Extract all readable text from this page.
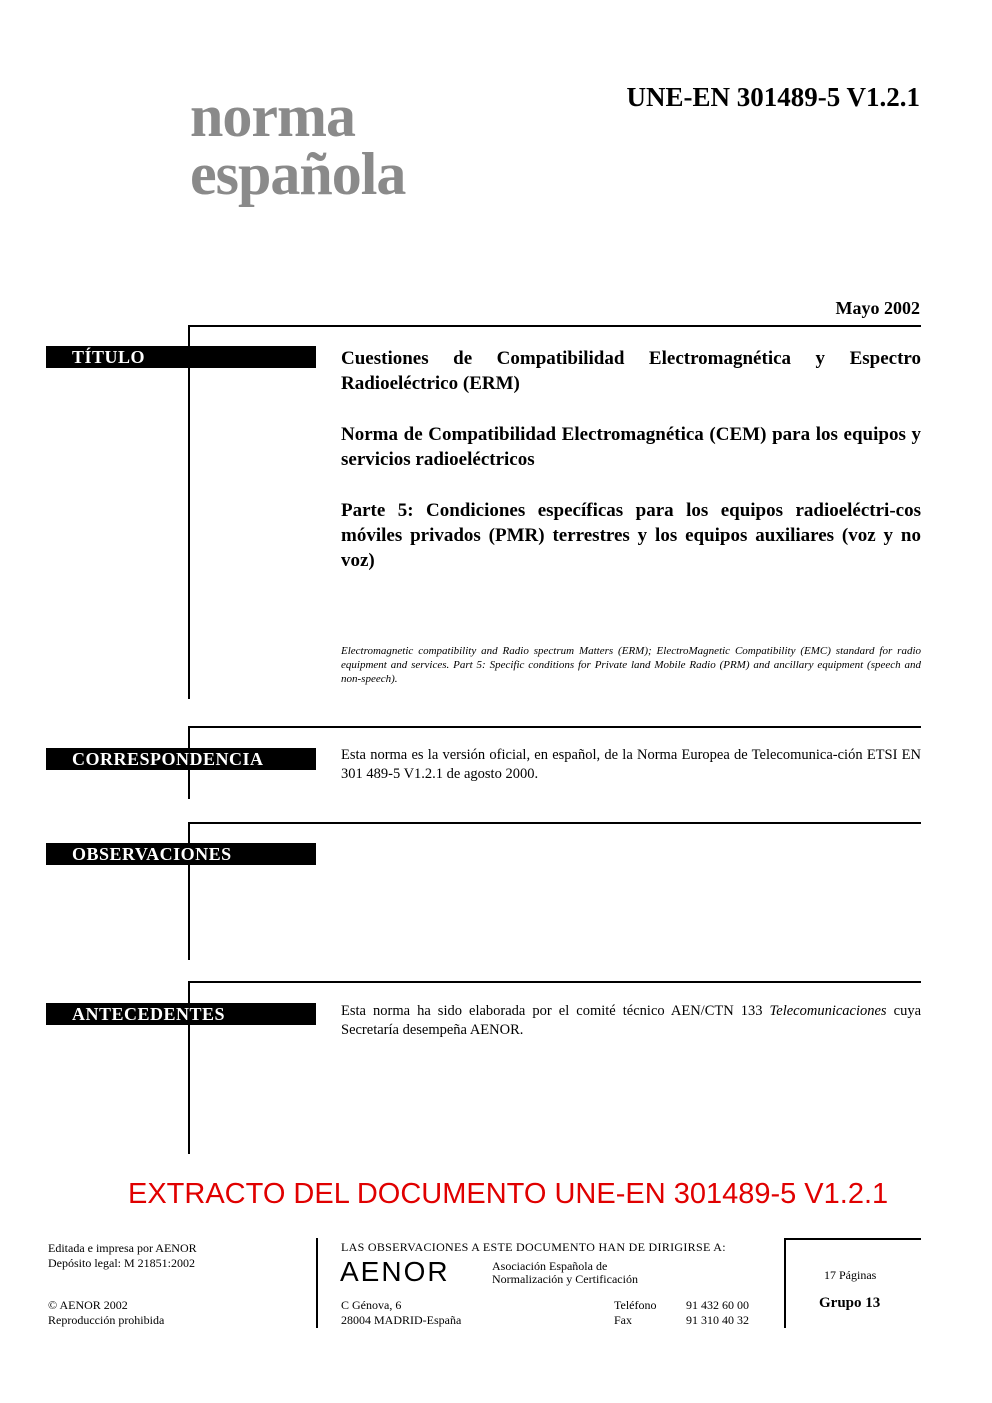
norma
española
UNE-EN 301489-5 V1.2.1
Mayo 2002
TÍTULO	Cuestiones de Compatibilidad Electromagnética y Espectro Radioeléctrico (ERM)

Norma de Compatibilidad Electromagnética (CEM) para los equipos y servicios radioeléctricos

Parte 5: Condiciones específicas para los equipos radioeléctri-cos móviles privados (PMR) terrestres y los equipos auxiliares (voz y no voz)

Electromagnetic compatibility and Radio spectrum Matters (ERM); ElectroMagnetic Compatibility (EMC) standard for radio equipment and services. Part 5: Specific conditions for Private land Mobile Radio (PRM) and ancillary equipment (speech and non-speech).
CORRESPONDENCIA	Esta norma es la versión oficial, en español, de la Norma Europea de Telecomunica-ción ETSI EN 301 489-5 V1.2.1 de agosto 2000.
OBSERVACIONES
ANTECEDENTES	Esta norma ha sido elaborada por el comité técnico AEN/CTN 133 Telecomunicaciones cuya Secretaría desempeña AENOR.
EXTRACTO DEL DOCUMENTO UNE-EN 301489-5 V1.2.1
Editada e impresa por AENOR
Depósito legal: M 21851:2002
© AENOR 2002
Reproducción prohibida
LAS OBSERVACIONES A ESTE DOCUMENTO HAN DE DIRIGIRSE A:
AENOR	Asociación Española de
Normalización y Certificación
C Génova, 6
28004 MADRID-España
Teléfono 91 432 60 00
Fax	91 310 40 32
17 Páginas
Grupo 13
